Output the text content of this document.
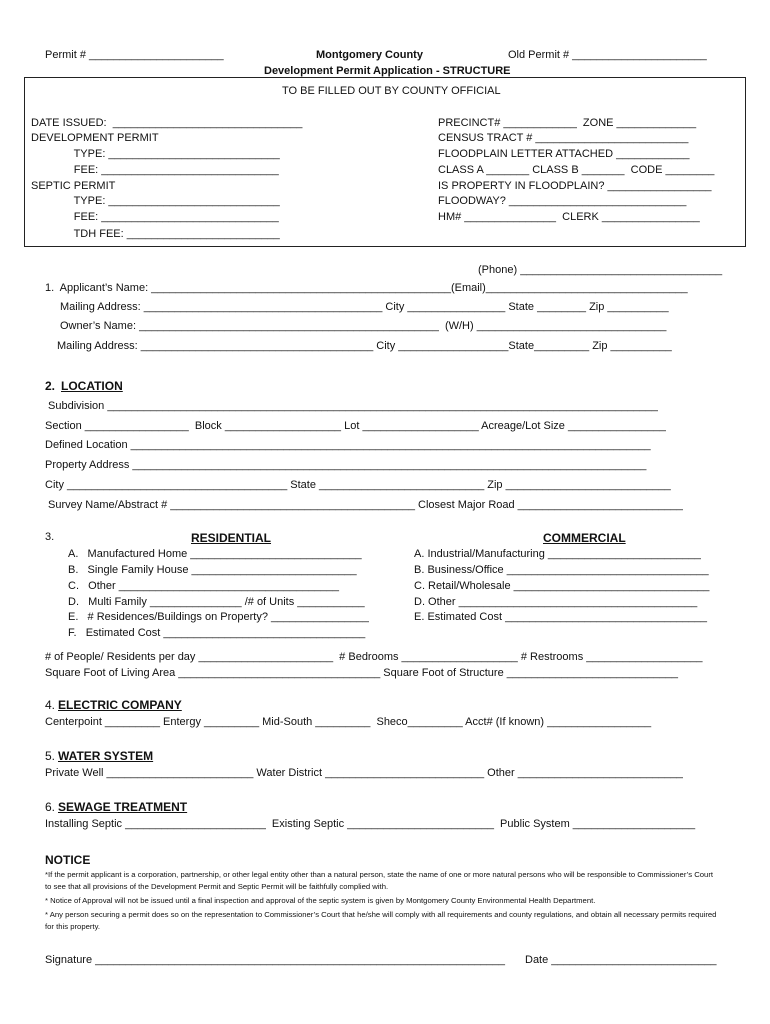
Permit # ______________________	Montgomery County	Old Permit # ______________________
Development Permit Application - STRUCTURE
TO BE FILLED OUT BY COUNTY OFFICIAL
DATE ISSUED:  _______________________________
DEVELOPMENT PERMIT
TYPE: ____________________________
FEE: _____________________________
SEPTIC PERMIT
TYPE: ____________________________
FEE: _____________________________
TDH FEE: _________________________
PRECINCT# ____________  ZONE _____________
CENSUS TRACT # _________________________
FLOODPLAIN LETTER ATTACHED ____________
CLASS A _______ CLASS B _______  CODE ________
IS PROPERTY IN FLOODPLAIN? _________________
FLOODWAY? _____________________________
HM# _______________  CLERK ________________
(Phone) _________________________________
1.  Applicant’s Name: _________________________________________________(Email)_________________________________
Mailing Address: _______________________________________ City ________________ State ________ Zip __________
Owner’s Name: _________________________________________________  (W/H) _______________________________
Mailing Address: ______________________________________ City __________________State_________ Zip __________
2. LOCATION
Subdivision __________________________________________________________________________________________
Section _________________  Block ___________________ Lot ___________________ Acreage/Lot Size ________________
Defined Location _____________________________________________________________________________________
Property Address ____________________________________________________________________________________
City ____________________________________ State ___________________________ Zip ___________________________
Survey Name/Abstract # ________________________________________ Closest Major Road ___________________________
3.	RESIDENTIAL	COMMERCIAL
A.   Manufactured Home ____________________________
B.   Single Family House ___________________________
C.   Other ____________________________________
D.   Multi Family _______________ /# of Units ___________
E.   # Residences/Buildings on Property? ________________
F.   Estimated Cost _________________________________
A. Industrial/Manufacturing _________________________
B. Business/Office _________________________________
C. Retail/Wholesale ________________________________
D. Other _______________________________________
E. Estimated Cost _________________________________
# of People/ Residents per day ______________________  # Bedrooms ___________________ # Restrooms ___________________
Square Foot of Living Area _________________________________ Square Foot of Structure ____________________________
4. ELECTRIC COMPANY
Centerpoint _________ Entergy _________ Mid-South _________  Sheco_________ Acct# (If known) _________________
5. WATER SYSTEM
Private Well ________________________ Water District __________________________ Other ___________________________
6. SEWAGE TREATMENT
Installing Septic _______________________  Existing Septic ________________________  Public System ____________________
NOTICE
*If the permit applicant is a corporation, partnership, or other legal entity other than a natural person, state the name of one or more natural persons who will be responsible to Commissioner’s Court to see that all provisions of the Development Permit and Septic Permit will be faithfully complied with.
* Notice of Approval will not be issued until a final inspection and approval of the septic system is given by Montgomery County Environmental Health Department.
* Any person securing a permit does so on the representation to Commissioner’s Court that he/she will comply with all requirements and county regulations, and obtain all necessary permits required for this property.
Signature ___________________________________________________________________ Date ___________________________
